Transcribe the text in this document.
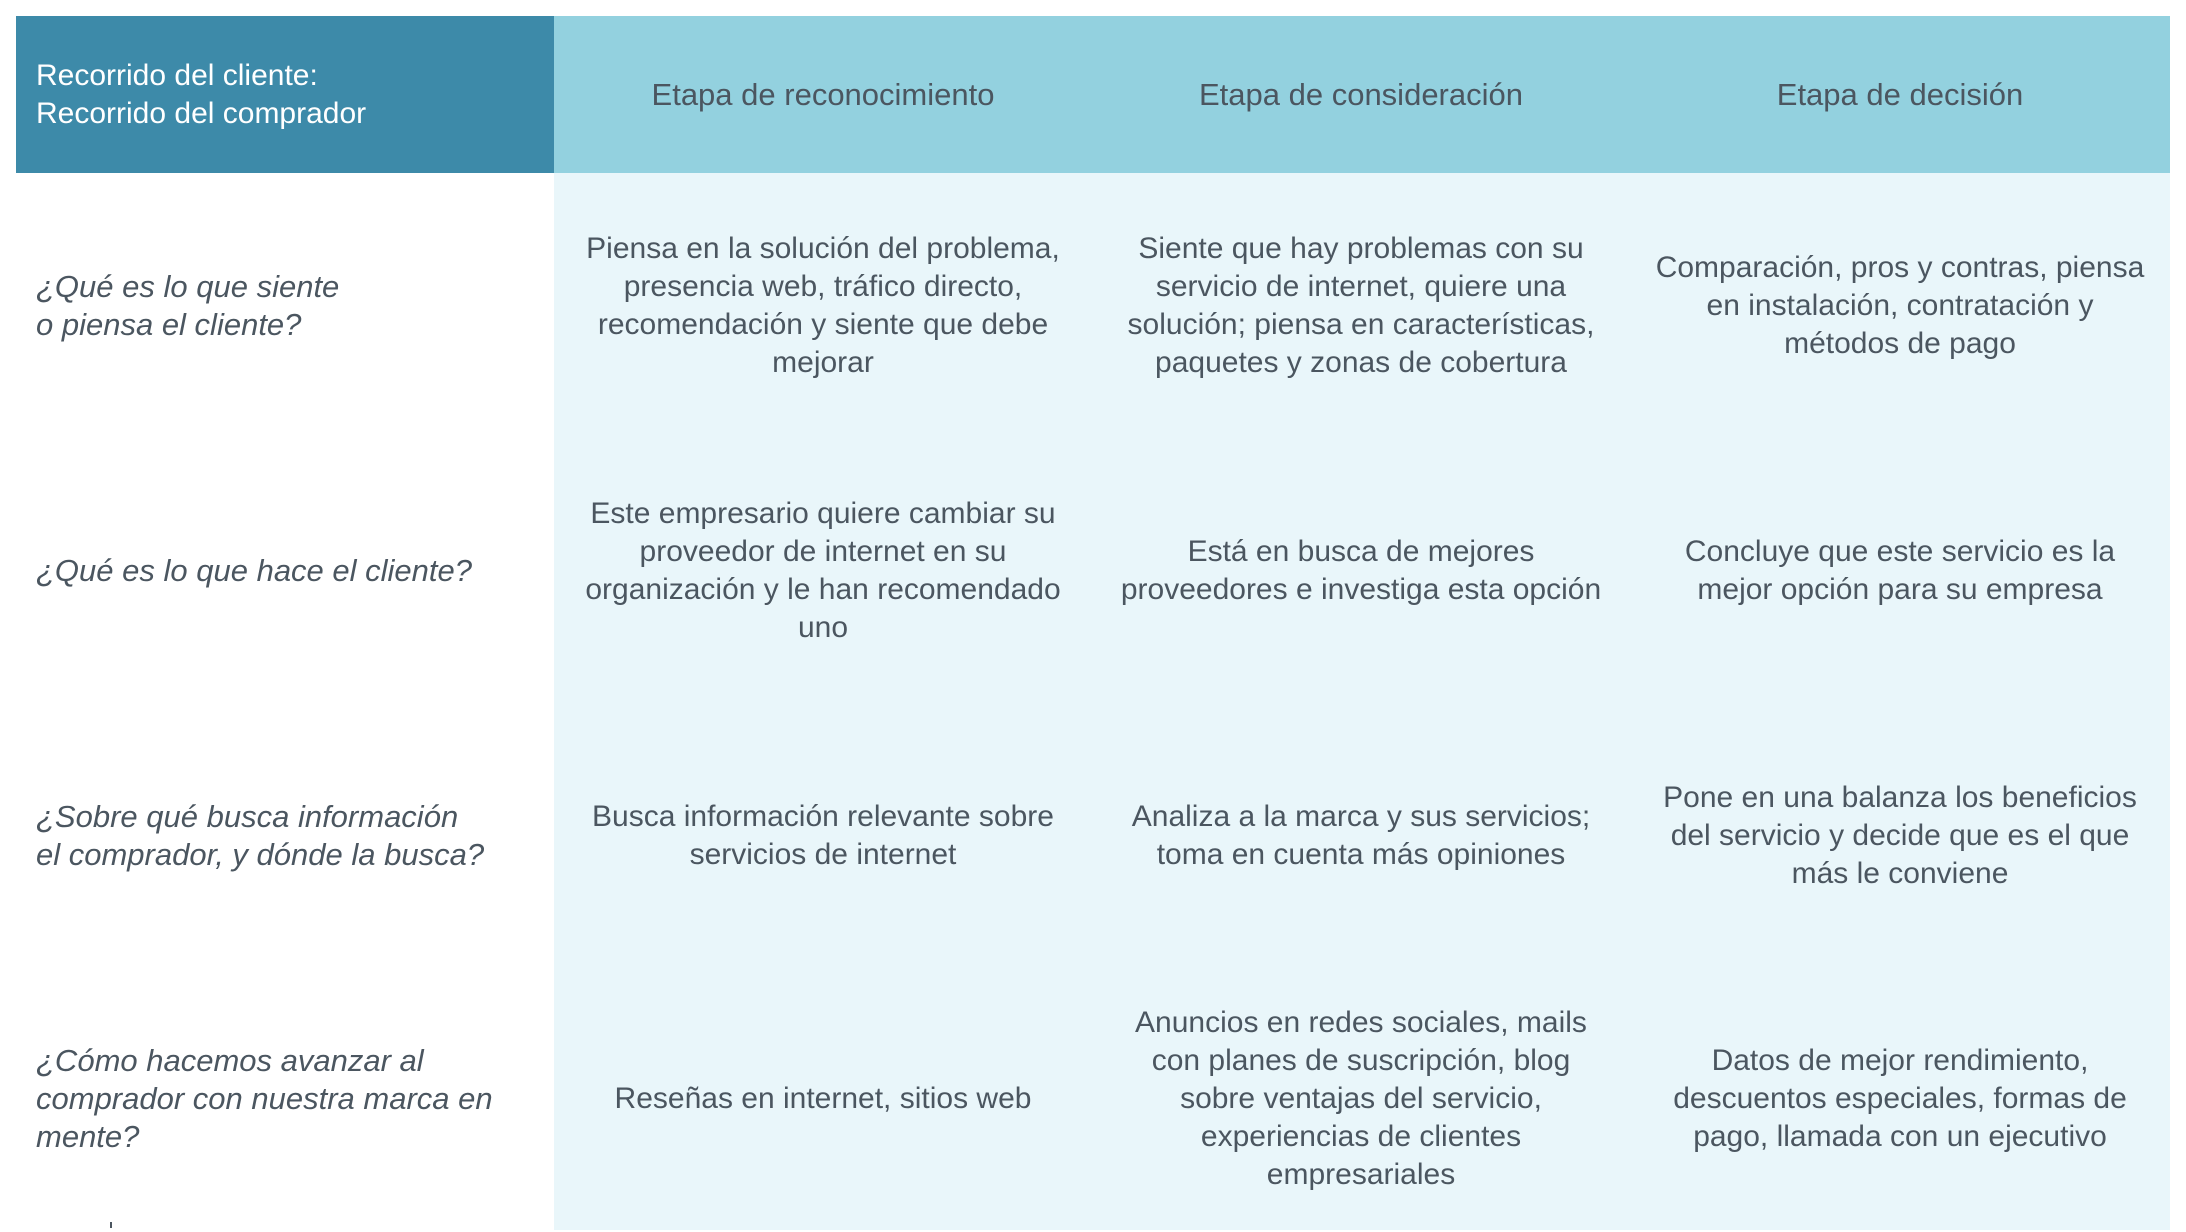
Recorrido del cliente:
Recorrido del comprador
Etapa de reconocimiento	Etapa de consideración	Etapa de decisión
¿Qué es lo que siente
o piensa el cliente?
Piensa en la solución del problema, presencia web, tráfico directo, recomendación y siente que debe mejorar
Siente que hay problemas con su servicio de internet, quiere una solución; piensa en características, paquetes y zonas de cobertura
Comparación, pros y contras, piensa en instalación, contratación y métodos de pago
¿Qué es lo que hace el cliente?
Este empresario quiere cambiar su proveedor de internet en su organización y le han recomendado uno
Está en busca de mejores proveedores e investiga esta opción
Concluye que este servicio es la mejor opción para su empresa
¿Sobre qué busca información
el comprador, y dónde la busca?
Busca información relevante sobre servicios de internet
Analiza a la marca y sus servicios; toma en cuenta más opiniones
Pone en una balanza los beneficios del servicio y decide que es el que más le conviene
¿Cómo hacemos avanzar al
comprador con nuestra marca en
mente?
Reseñas en internet, sitios web
Anuncios en redes sociales, mails con planes de suscripción, blog sobre ventajas del servicio, experiencias de clientes empresariales
Datos de mejor rendimiento, descuentos especiales, formas de pago, llamada con un ejecutivo
